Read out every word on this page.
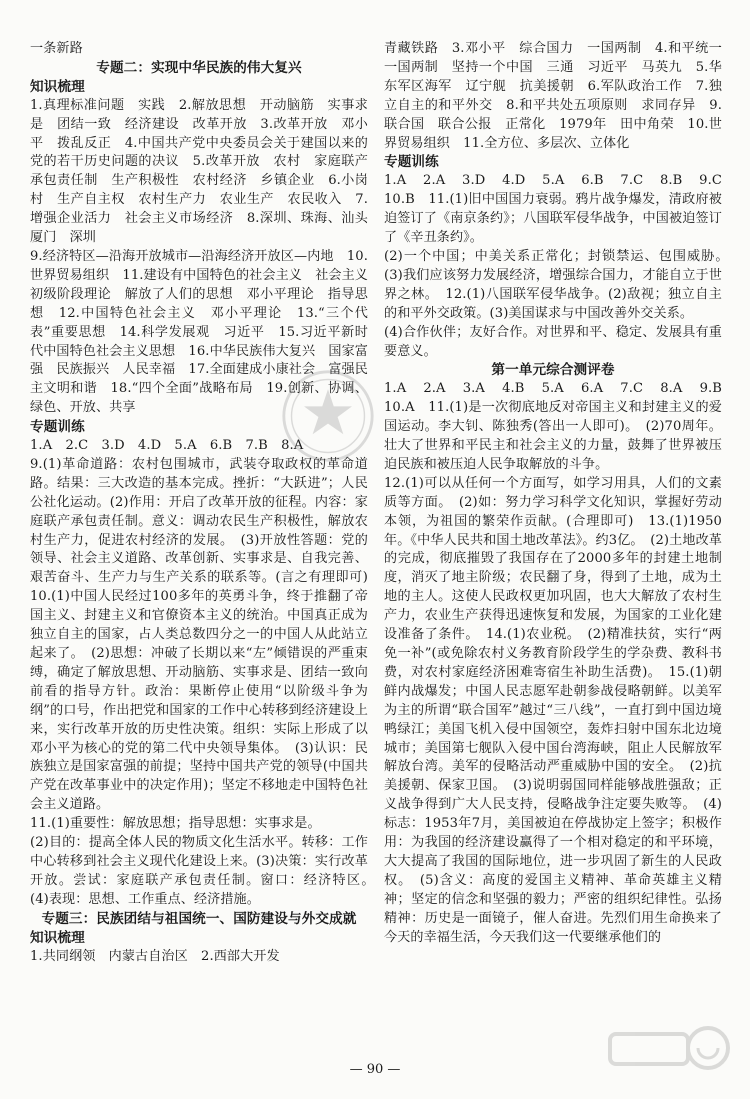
一条新路

专题二：实现中华民族的伟大复兴

知识梳理

1.真理标准问题　实践　2.解放思想　开动脑筋　实事求是　团结一致　经济建设　改革开放　3.改革开放　邓小平　拨乱反正　4.中国共产党中央委员会关于建国以来的党的若干历史问题的决议　5.改革开放　农村　家庭联产承包责任制　生产积极性　农村经济　乡镇企业　6.小岗村　生产自主权　农村生产力　农业生产　农民收入　7.增强企业活力　社会主义市场经济　8.深圳、珠海、汕头　厦门　深圳

9.经济特区—沿海开放城市—沿海经济开放区—内地　10.世界贸易组织　11.建设有中国特色的社会主义　社会主义初级阶段理论　解放了人们的思想　邓小平理论　指导思想　12.中国特色社会主义　邓小平理论　13.“三个代表”重要思想　14.科学发展观　习近平　15.习近平新时代中国特色社会主义思想　16.中华民族伟大复兴　国家富强　民族振兴　人民幸福　17.全面建成小康社会　富强民主文明和谐　18.“四个全面”战略布局　19.创新、协调、绿色、开放、共享

专题训练

1.A　2.C　3.D　4.D　5.A　6.B　7.B　8.A

9.(1)革命道路：农村包围城市，武装夺取政权的革命道路。结果：三大改造的基本完成。挫折：“大跃进”；人民公社化运动。(2)作用：开启了改革开放的征程。内容：家庭联产承包责任制。意义：调动农民生产积极性，解放农村生产力，促进农村经济的发展。　(3)开放性答题：党的领导、社会主义道路、改革创新、实事求是、自我完善、艰苦奋斗、生产力与生产关系的联系等。(言之有理即可)　10.(1)中国人民经过100多年的英勇斗争，终于推翻了帝国主义、封建主义和官僚资本主义的统治。中国真正成为独立自主的国家，占人类总数四分之一的中国人从此站立起来了。　(2)思想：冲破了长期以来“左”倾错误的严重束缚，确定了解放思想、开动脑筋、实事求是、团结一致向前看的指导方针。政治：果断停止使用“以阶级斗争为纲”的口号，作出把党和国家的工作中心转移到经济建设上来，实行改革开放的历史性决策。组织：实际上形成了以邓小平为核心的党的第二代中央领导集体。　(3)认识：民族独立是国家富强的前提；坚持中国共产党的领导(中国共产党在改革事业中的决定作用)；坚定不移地走中国特色社会主义道路。

11.(1)重要性：解放思想；指导思想：实事求是。

(2)目的：提高全体人民的物质文化生活水平。转移：工作中心转移到社会主义现代化建设上来。(3)决策：实行改革开放。尝试：家庭联产承包责任制。窗口：经济特区。　(4)表现：思想、工作重点、经济措施。

专题三：民族团结与祖国统一、国防建设与外交成就

知识梳理

1.共同纲领　内蒙古自治区　2.西部大开发

青藏铁路　3.邓小平　综合国力　一国两制　4.和平统一　一国两制　坚持一个中国　三通　习近平　马英九　5.华东军区海军　辽宁舰　抗美援朝　6.军队政治工作　7.独立自主的和平外交　8.和平共处五项原则　求同存异　9.联合国　联合公报　正常化　1979年　田中角荣　10.世界贸易组织　11.全方位、多层次、立体化

专题训练

1.A　2.A　3.D　4.D　5.A　6.B　7.C　8.B　9.C　10.B　11.(1)旧中国国力衰弱。鸦片战争爆发，清政府被迫签订了《南京条约》；八国联军侵华战争，中国被迫签订了《辛丑条约》。

(2)一个中国；中美关系正常化；封锁禁运、包围威胁。　(3)我们应该努力发展经济，增强综合国力，才能自立于世界之林。　12.(1)八国联军侵华战争。(2)敌视；独立自主的和平外交政策。(3)美国谋求与中国改善外交关系。

(4)合作伙伴；友好合作。对世界和平、稳定、发展具有重要意义。

第一单元综合测评卷

1.A　2.A　3.A　4.B　5.A　6.A　7.C　8.A　9.B　10.A　11.(1)是一次彻底地反对帝国主义和封建主义的爱国运动。李大钊、陈独秀(答出一人即可)。　(2)70周年。壮大了世界和平民主和社会主义的力量，鼓舞了世界被压迫民族和被压迫人民争取解放的斗争。

12.(1)可以从任何一个方面写，如学习用具，人们的文素质等方面。　(2)如：努力学习科学文化知识，掌握好劳动本领，为祖国的繁荣作贡献。(合理即可)　13.(1)1950年。《中华人民共和国土地改革法》。约3亿。　(2)土地改革的完成，彻底摧毁了我国存在了2000多年的封建土地制度，消灭了地主阶级；农民翻了身，得到了土地，成为土地的主人。这使人民政权更加巩固，也大大解放了农村生产力，农业生产获得迅速恢复和发展，为国家的工业化建设准备了条件。　14.(1)农业税。　(2)精准扶贫，实行“两免一补”(或免除农村义务教育阶段学生的学杂费、教科书费，对农村家庭经济困难寄宿生补助生活费)。　15.(1)朝鲜内战爆发；中国人民志愿军赴朝参战侵略朝鲜。以美军为主的所谓“联合国军”越过“三八线”，一直打到中国边境鸭绿江；美国飞机入侵中国领空，轰炸扫射中国东北边境城市；美国第七舰队入侵中国台湾海峡，阻止人民解放军解放台湾。美军的侵略活动严重威胁中国的安全。　(2)抗美援朝、保家卫国。　(3)说明弱国同样能够战胜强敌；正义战争得到广大人民支持，侵略战争注定要失败等。　(4)标志：1953年7月，美国被迫在停战协定上签字；积极作用：为我国的经济建设赢得了一个相对稳定的和平环境，大大提高了我国的国际地位，进一步巩固了新生的人民政权。　(5)含义：高度的爱国主义精神、革命英雄主义精神；坚定的信念和坚强的毅力；严密的组织纪律性。弘扬精神：历史是一面镜子，催人奋进。先烈们用生命换来了今天的幸福生活，今天我们这一代要继承他们的

— 90 —
